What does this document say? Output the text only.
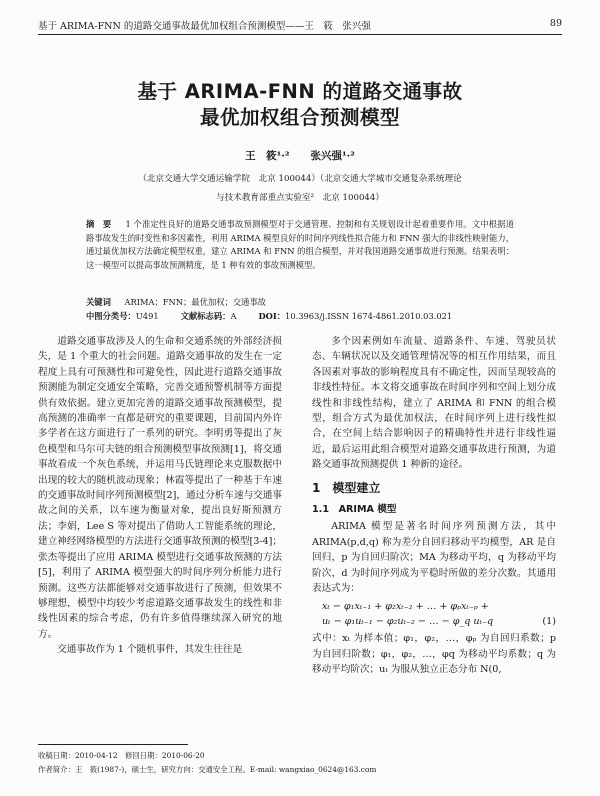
基于 ARIMA-FNN 的道路交通事故最优加权组合预测模型——王　筱　张兴强	89
基于 ARIMA-FNN 的道路交通事故
最优加权组合预测模型
王　筱¹·²　　张兴强¹·²
（北京交通大学交通运输学院　北京 100044）（北京交通大学城市交通复杂系统理论
与技术教育部重点实验室²　北京 100044）
摘　要 　 1 个准定性良好的道路交通事故预测模型对于交通管理、控制和有关规划设计起着重要作用。文中根据道路事故发生的时变性和多因素性，利用 ARIMA 模型良好的时间序列线性拟合能力和 FNN 强大的非线性映射能力，通过最优加权方法确定模型权重，建立 ARIMA 和 FNN 的组合模型，并对我国道路交通事故进行预测。结果表明：这一模型可以提高事故预测精度，是 1 种有效的事故预测模型。
关键词 　 ARIMA；FNN；最优加权；交通事故
中图分类号：U491	文献标志码：A	DOI：10.3963/j.ISSN 1674-4861.2010.03.021

道路交通事故涉及人的生命和交通系统的外部经济损失，是 1 个重大的社会问题。道路交通事故的发生在一定程度上具有可预测性和可避免性，因此进行道路交通事故预测能为制定交通安全策略，完善交通预警机制等方面提供有效依据。建立更加完善的道路交通事故预测模型，提高预测的准确率一直都是研究的重要课题，目前国内外许多学者在这方面进行了一系列的研究。李明勇等提出了灰色模型和马尔可夫链的组合预测模型事故预测[1]，将交通事故看成一个灰色系统，并运用马氏链理论来克服数据中出现的较大的随机波动现象；林霞等提出了一种基于车速的交通事故时间序列预测模型[2]，通过分析车速与交通事故之间的关系，以车速为衡量对象，提出良好斯预测方法；李娟，Lee S 等对提出了借助人工智能系统的理论，建立神经网络模型的方法进行交通事故预测的模型[3-4]；张杰等提出了应用 ARIMA 模型进行交通事故预测的方法[5]，利用了 ARIMA 模型强大的时间序列分析能力进行预测。这些方法都能够对交通事故进行了预测，但效果不够理想，模型中均较少考虑道路交通事故发生的线性和非线性因素的综合考虑，仍有许多值得继续深入研究的地方。

交通事故作为 1 个随机事件，其发生往往是

多个因素例如车流量、道路条件、车速、驾驶员状态、车辆状况以及交通管理情况等的相互作用结果，而且各因素对事故的影响程度具有不确定性，因而呈现较高的非线性特征。本文将交通事故在时间序列和空间上划分成线性和非线性结构，建立了 ARIMA 和 FNN 的组合模型，组合方式为最优加权法，在时间序列上进行线性拟合，在空间上结合影响因子的精确特性并进行非线性逼近，最后运用此组合模型对道路交通事故进行预测，为道路交通事故预测提供 1 种新的途径。

1　模型建立
1.1　ARIMA 模型

ARIMA 模型是著名时间序列预测方法，其中 ARIMA(p,d,q) 称为差分自回归移动平均模型，AR 是自回归，p 为自回归阶次；MA 为移动平均，q 为移动平均阶次，d 为时间序列成为平稳时所做的差分次数。其通用表达式为：

xₜ − φ₁xₜ₋₁ + φ₂xₜ₋₂ + … + φₚxₜ₋ₚ +
uₜ − φ₁uₜ₋₁ − φ₂uₜ₋₂ − … − φ_q uₜ₋q	(1)

式中：xₜ 为样本值；φ₁，φ₂，…，φₚ 为自回归系数；p 为自回归阶数；φ₁，φ₂，…，φq 为移动平均系数；q 为移动平均阶次；uₜ 为服从独立正态分布 N(0,

收稿日期：2010-04-12　修回日期：2010-06-20
作者简介：王　筱(1987-)，硕士生，研究方向：交通安全工程。E-mail: wangxiao_0624@163.com
